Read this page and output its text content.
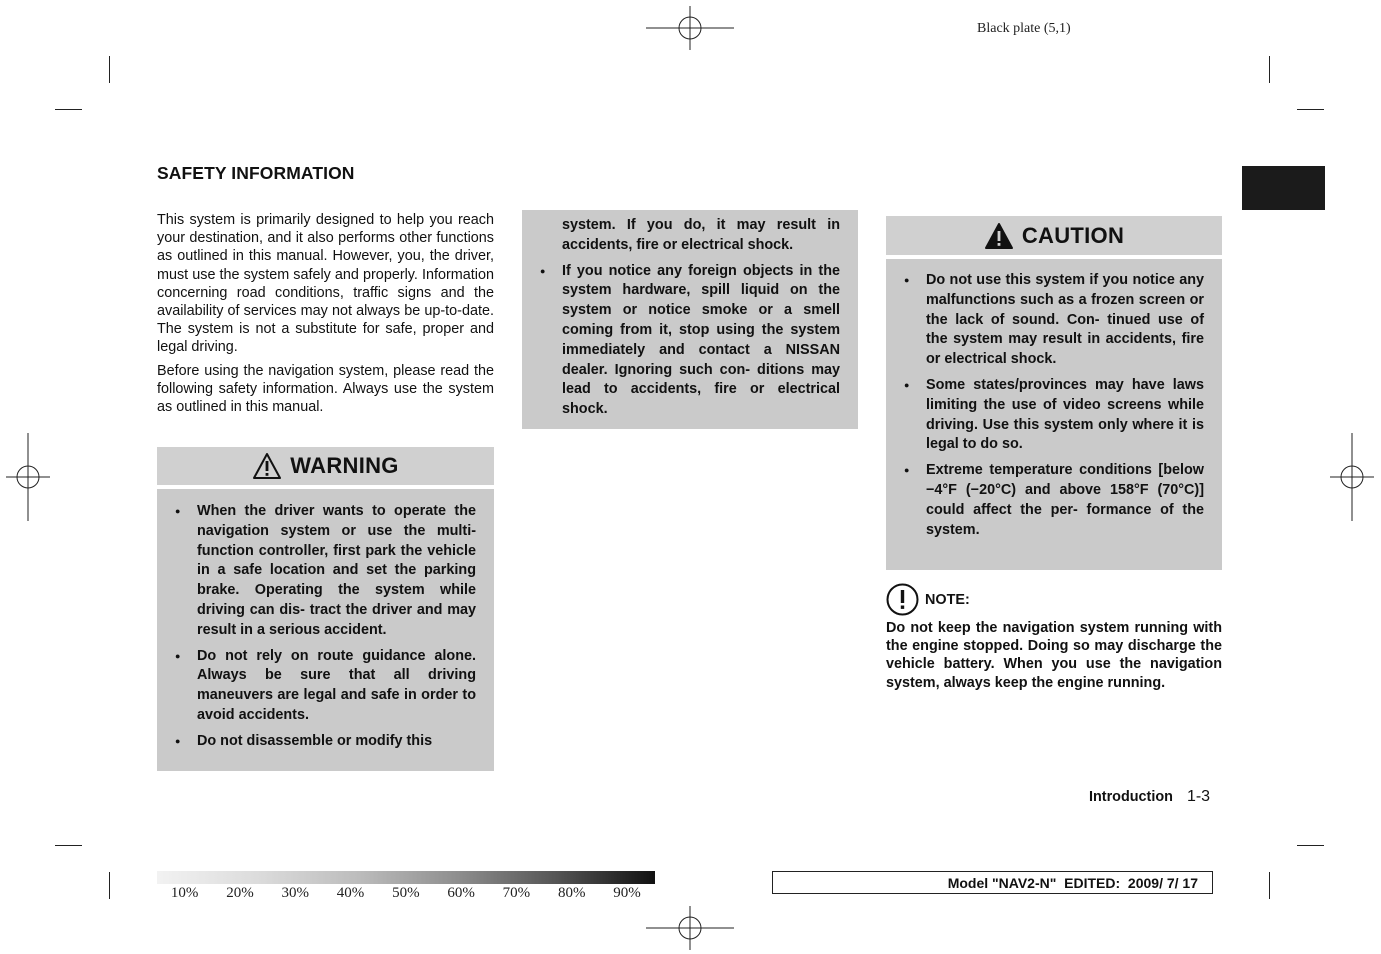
Black plate (5,1)
SAFETY INFORMATION

This system is primarily designed to help you reach your destination, and it also performs other functions as outlined in this manual. However, you, the driver, must use the system safely and properly. Information concerning road conditions, traffic signs and the availability of services may not always be up-to-date. The system is not a substitute for safe, proper and legal driving.

Before using the navigation system, please read the following safety information. Always use the system as outlined in this manual.

WARNING
● When the driver wants to operate the navigation system or use the multi-function controller, first park the vehicle in a safe location and set the parking brake. Operating the system while driving can dis- tract the driver and may result in a serious accident.
● Do not rely on route guidance alone. Always be sure that all driving maneuvers are legal and safe in order to avoid accidents.
● Do not disassemble or modify this
system. If you do, it may result in accidents, fire or electrical shock.
● If you notice any foreign objects in the system hardware, spill liquid on the system or notice smoke or a smell coming from it, stop using the system immediately and contact a NISSAN dealer. Ignoring such con- ditions may lead to accidents, fire or electrical shock.
CAUTION
● Do not use this system if you notice any malfunctions such as a frozen screen or the lack of sound. Con- tinued use of the system may result in accidents, fire or electrical shock.
● Some states/provinces may have laws limiting the use of video screens while driving. Use this system only where it is legal to do so.
● Extreme temperature conditions [below −4°F (−20°C) and above 158°F (70°C)] could affect the per- formance of the system.
NOTE:

Do not keep the navigation system running with the engine stopped. Doing so may discharge the vehicle battery. When you use the navigation system, always keep the engine running.

Introduction 1-3
10%	20%	30%	40%	50%	60%	70%	80%	90%
Model "NAV2-N"  EDITED:  2009/ 7/ 17
